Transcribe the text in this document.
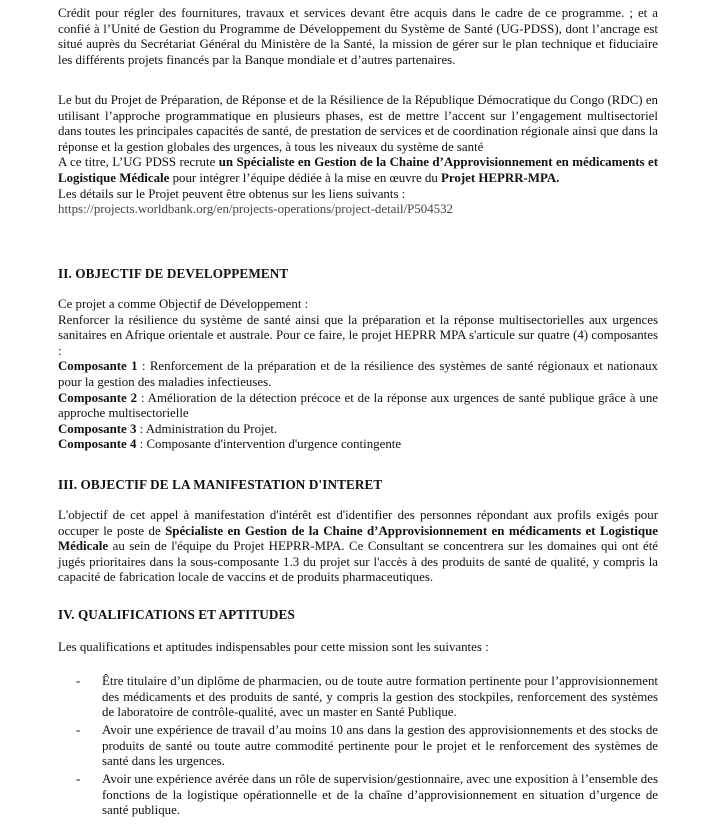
Crédit pour régler des fournitures, travaux et services devant être acquis dans le cadre de ce programme. ; et a confié à l’Unité de Gestion du Programme de Développement du Système de Santé (UG-PDSS), dont l’ancrage est situé auprès du Secrétariat Général du Ministère de la Santé, la mission de gérer sur le plan technique et fiduciaire les différents projets financés par la Banque mondiale et d’autres partenaires.

Le but du Projet de Préparation, de Réponse et de la Résilience de la République Démocratique du Congo (RDC) en utilisant l’approche programmatique en plusieurs phases, est de mettre l’accent sur l’engagement multisectoriel dans toutes les principales capacités de santé, de prestation de services et de coordination régionale ainsi que dans la réponse et la gestion globales des urgences, à tous les niveaux du système de santé

A ce titre, L’UG PDSS recrute un Spécialiste en Gestion de la Chaine d’Approvisionnement en médicaments et Logistique Médicale pour intégrer l’équipe dédiée à la mise en œuvre du Projet HEPRR-MPA.

Les détails sur le Projet peuvent être obtenus sur les liens suivants :

https://projects.worldbank.org/en/projects-operations/project-detail/P504532

II. OBJECTIF DE DEVELOPPEMENT

Ce projet a comme Objectif de Développement :

Renforcer la résilience du système de santé ainsi que la préparation et la réponse multisectorielles aux urgences sanitaires en Afrique orientale et australe. Pour ce faire, le projet HEPRR MPA s'articule sur quatre (4) composantes :

Composante 1 : Renforcement de la préparation et de la résilience des systèmes de santé régionaux et nationaux pour la gestion des maladies infectieuses.

Composante 2 : Amélioration de la détection précoce et de la réponse aux urgences de santé publique grâce à une approche multisectorielle

Composante 3 : Administration du Projet.

Composante 4 : Composante d'intervention d'urgence contingente

III. OBJECTIF DE LA MANIFESTATION D'INTERET

L'objectif de cet appel à manifestation d'intérêt est d'identifier des personnes répondant aux profils exigés pour occuper le poste de Spécialiste en Gestion de la Chaine d’Approvisionnement en médicaments et Logistique Médicale au sein de l'équipe du Projet HEPRR-MPA. Ce Consultant se concentrera sur les domaines qui ont été jugés prioritaires dans la sous-composante 1.3 du projet sur l'accès à des produits de santé de qualité, y compris la capacité de fabrication locale de vaccins et de produits pharmaceutiques.

IV. QUALIFICATIONS ET APTITUDES

Les qualifications et aptitudes indispensables pour cette mission sont les suivantes :

-	Être titulaire d’un diplôme de pharmacien, ou de toute autre formation pertinente pour l’approvisionnement des médicaments et des produits de santé, y compris la gestion des stockpiles, renforcement des systèmes de laboratoire de contrôle-qualité, avec un master en Santé Publique.
-	Avoir une expérience de travail d’au moins 10 ans dans la gestion des approvisionnements et des stocks de produits de santé ou toute autre commodité pertinente pour le projet et le renforcement des systèmes de santé dans les urgences.
-	Avoir une expérience avérée dans un rôle de supervision/gestionnaire, avec une exposition à l’ensemble des fonctions de la logistique opérationnelle et de la chaîne d’approvisionnement en situation d’urgence de santé publique.
